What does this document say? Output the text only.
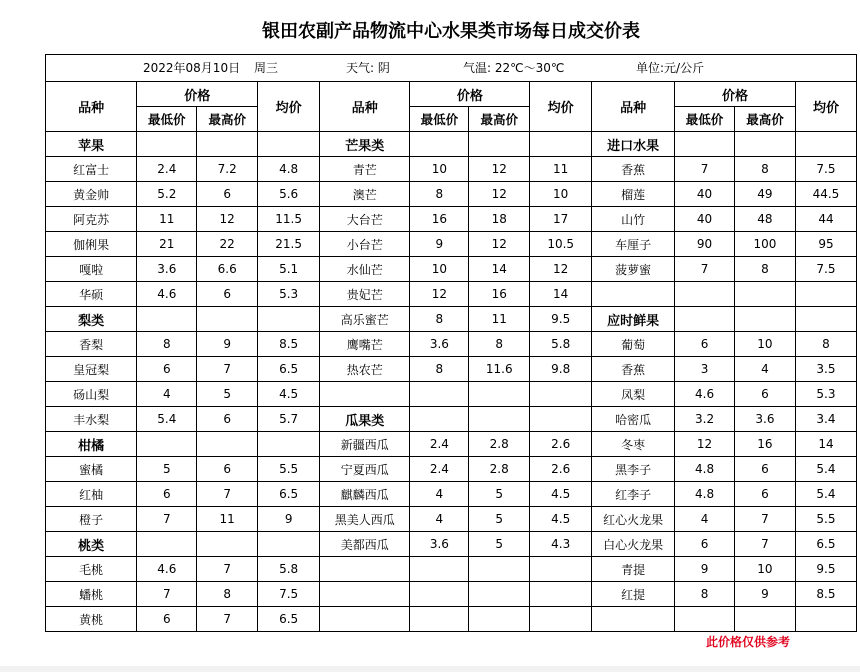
银田农副产品物流中心水果类市场每日成交价表
2022年08月10日 周三 天气: 阴 气温: 22℃～30℃ 单位:元/公斤											

品种	价格		均价	品种	价格		均价	品种	价格		均价
	最低价	最高价			最低价	最高价			最低价	最高价	
苹果				芒果类				进口水果			
红富士	2.4	7.2	4.8	青芒	10	12	11	香蕉	7	8	7.5
黄金帅	5.2	6	5.6	澳芒	8	12	10	榴莲	40	49	44.5
阿克苏	11	12	11.5	大台芒	16	18	17	山竹	40	48	44
伽俐果	21	22	21.5	小台芒	9	12	10.5	车厘子	90	100	95
嘎啦	3.6	6.6	5.1	水仙芒	10	14	12	菠萝蜜	7	8	7.5
华硕	4.6	6	5.3	贵妃芒	12	16	14				
梨类				高乐蜜芒	8	11	9.5	应时鲜果			
香梨	8	9	8.5	鹰嘴芒	3.6	8	5.8	葡萄	6	10	8
皇冠梨	6	7	6.5	热农芒	8	11.6	9.8	香蕉	3	4	3.5
砀山梨	4	5	4.5					凤梨	4.6	6	5.3
丰水梨	5.4	6	5.7	瓜果类				哈密瓜	3.2	3.6	3.4
柑橘				新疆西瓜	2.4	2.8	2.6	冬枣	12	16	14
蜜橘	5	6	5.5	宁夏西瓜	2.4	2.8	2.6	黑李子	4.8	6	5.4
红柚	6	7	6.5	麒麟西瓜	4	5	4.5	红李子	4.8	6	5.4
橙子	7	11	9	黑美人西瓜	4	5	4.5	红心火龙果	4	7	5.5
桃类				美都西瓜	3.6	5	4.3	白心火龙果	6	7	6.5
毛桃	4.6	7	5.8					青提	9	10	9.5
蟠桃	7	8	7.5					红提	8	9	8.5
黄桃	6	7	6.5								
此价格仅供参考
